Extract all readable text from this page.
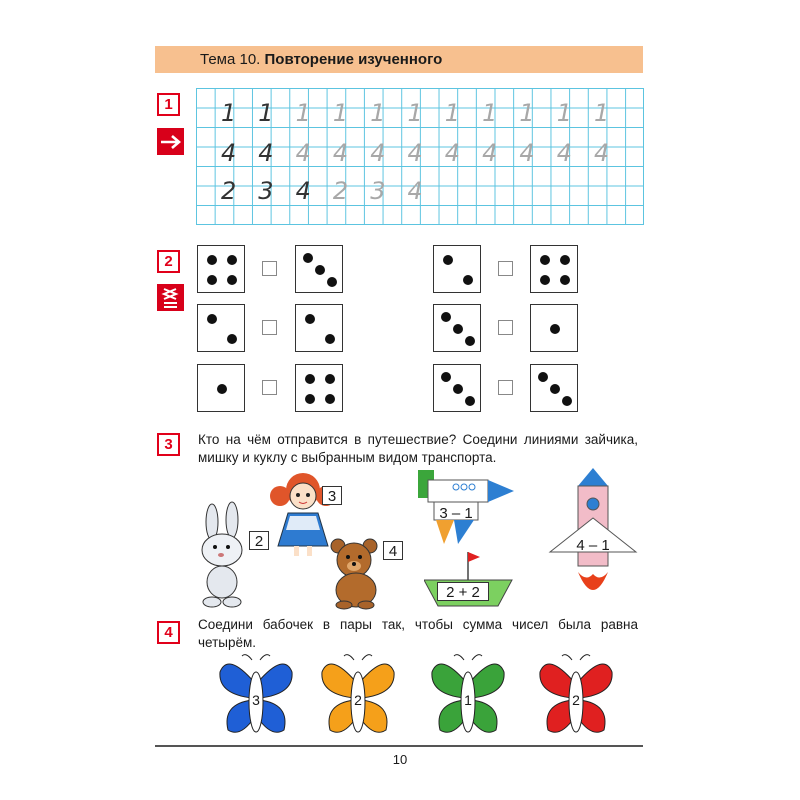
Тема 10. Повторение изученного
1	1 1 1 1 1 1 1 1 1 1 1
4 4 4 4 4 4 4 4 4 4 4
2 3 4 2 3 4
2
3	Кто на чём отправится в путешествие? Соедини линиями зайчика, мишку и куклу с выбранным видом транспорта.
2
3
4
3 – 1
2 + 2
4 – 1
4	Соедини бабочек в пары так, чтобы сумма чисел была равна четырём.
3	2	1	2
10
